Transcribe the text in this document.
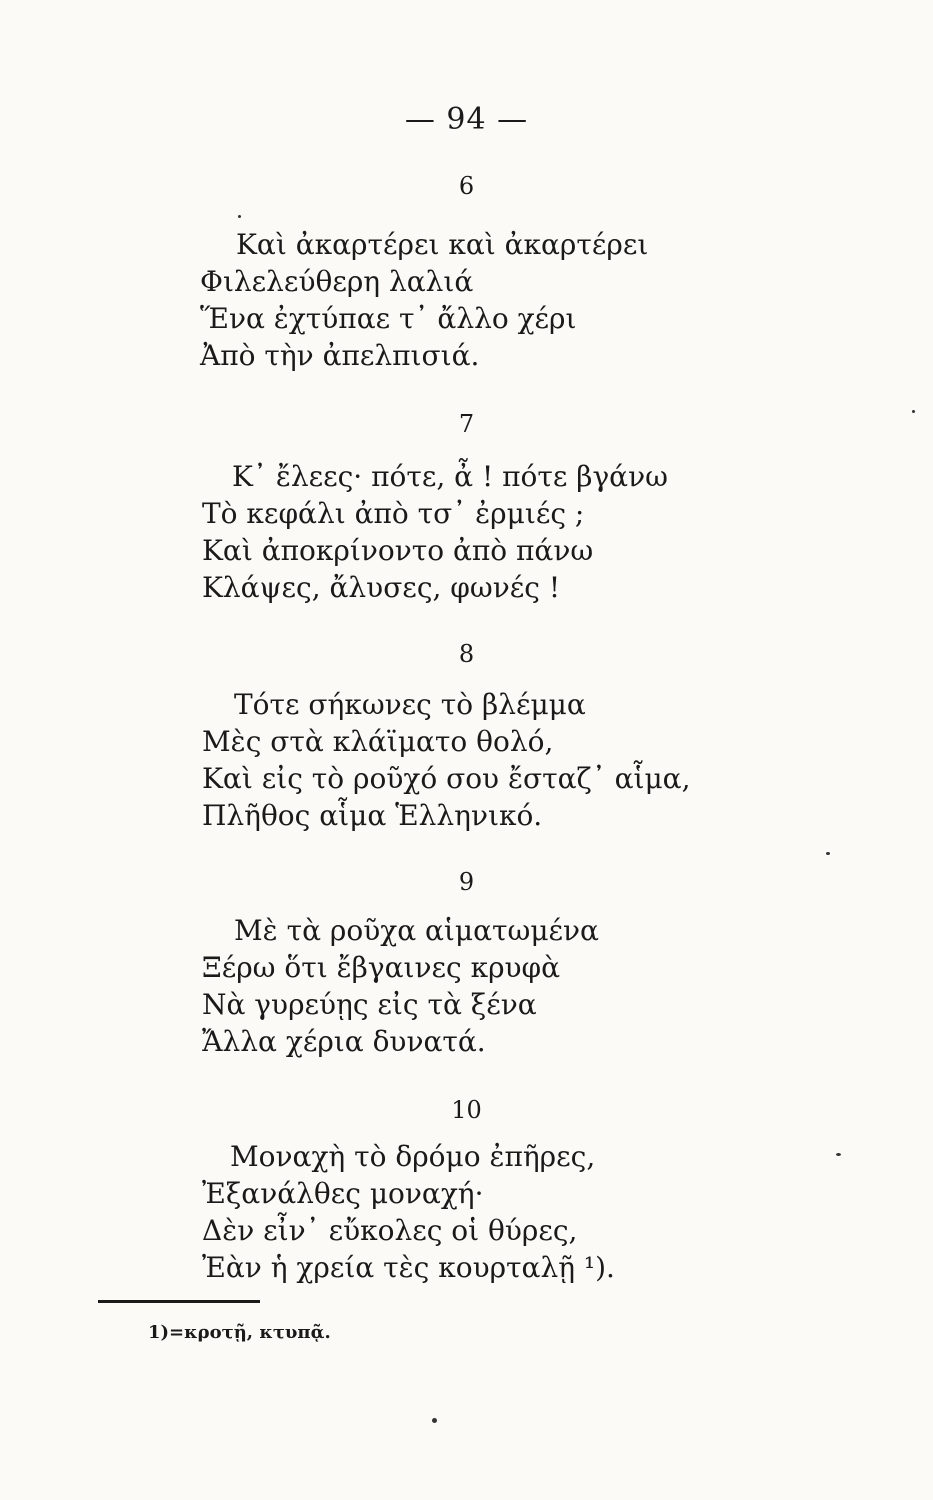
— 94 —
6
Καὶ ἀκαρτέρει καὶ ἀκαρτέρει
Φιλελεύθερη λαλιά
Ἕνα ἐχτύπαε τ᾽ ἄλλο χέρι
Ἀπὸ τὴν ἀπελπισιά.
7
Κ᾽ ἔλεες· πότε, ἆ ! πότε βγάνω
Τὸ κεφάλι ἀπὸ τσ᾽ ἐρμιές ;
Καὶ ἀποκρίνοντο ἀπὸ πάνω
Κλάψες, ἄλυσες, φωνές !
8
Τότε σήκωνες τὸ βλέμμα
Μὲς στὰ κλάϊματο θολό,
Καὶ εἰς τὸ ροῦχό σου ἔσταζ᾽ αἷμα,
Πλῆθος αἷμα Ἑλληνικό.
9
Μὲ τὰ ροῦχα αἱματωμένα
Ξέρω ὅτι ἔβγαινες κρυφὰ
Νὰ γυρεύῃς εἰς τὰ ξένα
Ἄλλα χέρια δυνατά.
10
Μοναχὴ τὸ δρόμο ἐπῆρες,
Ἐξανάλθες μοναχή·
Δὲν εἶν᾽ εὔκολες οἱ θύρες,
Ἐὰν ἡ χρεία τὲς κουρταλῇ ¹).
1)=κροτῇ, κτυπᾷ.
